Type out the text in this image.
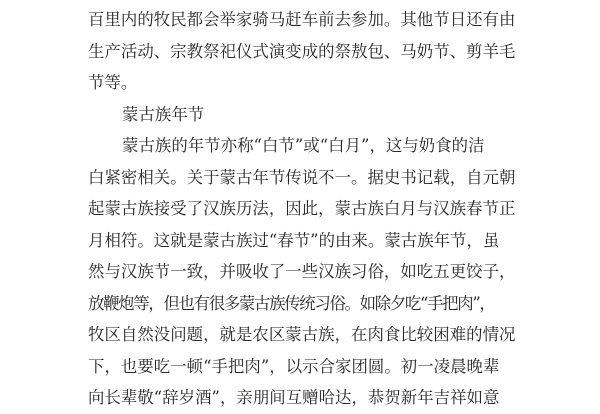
百里内的牧民都会举家骑马赶车前去参加。其他节日还有由
生产活动、宗教祭祀仪式演变成的祭敖包、马奶节、剪羊毛
节等。
蒙古族年节
蒙古族的年节亦称“白节”或“白月”，这与奶食的洁
白紧密相关。关于蒙古年节传说不一。据史书记载，自元朝
起蒙古族接受了汉族历法，因此，蒙古族白月与汉族春节正
月相符。这就是蒙古族过“春节”的由来。蒙古族年节，虽
然与汉族节一致，并吸收了一些汉族习俗，如吃五更饺子，
放鞭炮等，但也有很多蒙古族传统习俗。如除夕吃“手把肉”，
牧区自然没问题，就是农区蒙古族，在肉食比较困难的情况
下，也要吃一顿“手把肉”，以示合家团圆。初一凌晨晚辈
向长辈敬“辞岁酒”，亲朋间互赠哈达，恭贺新年吉祥如意
